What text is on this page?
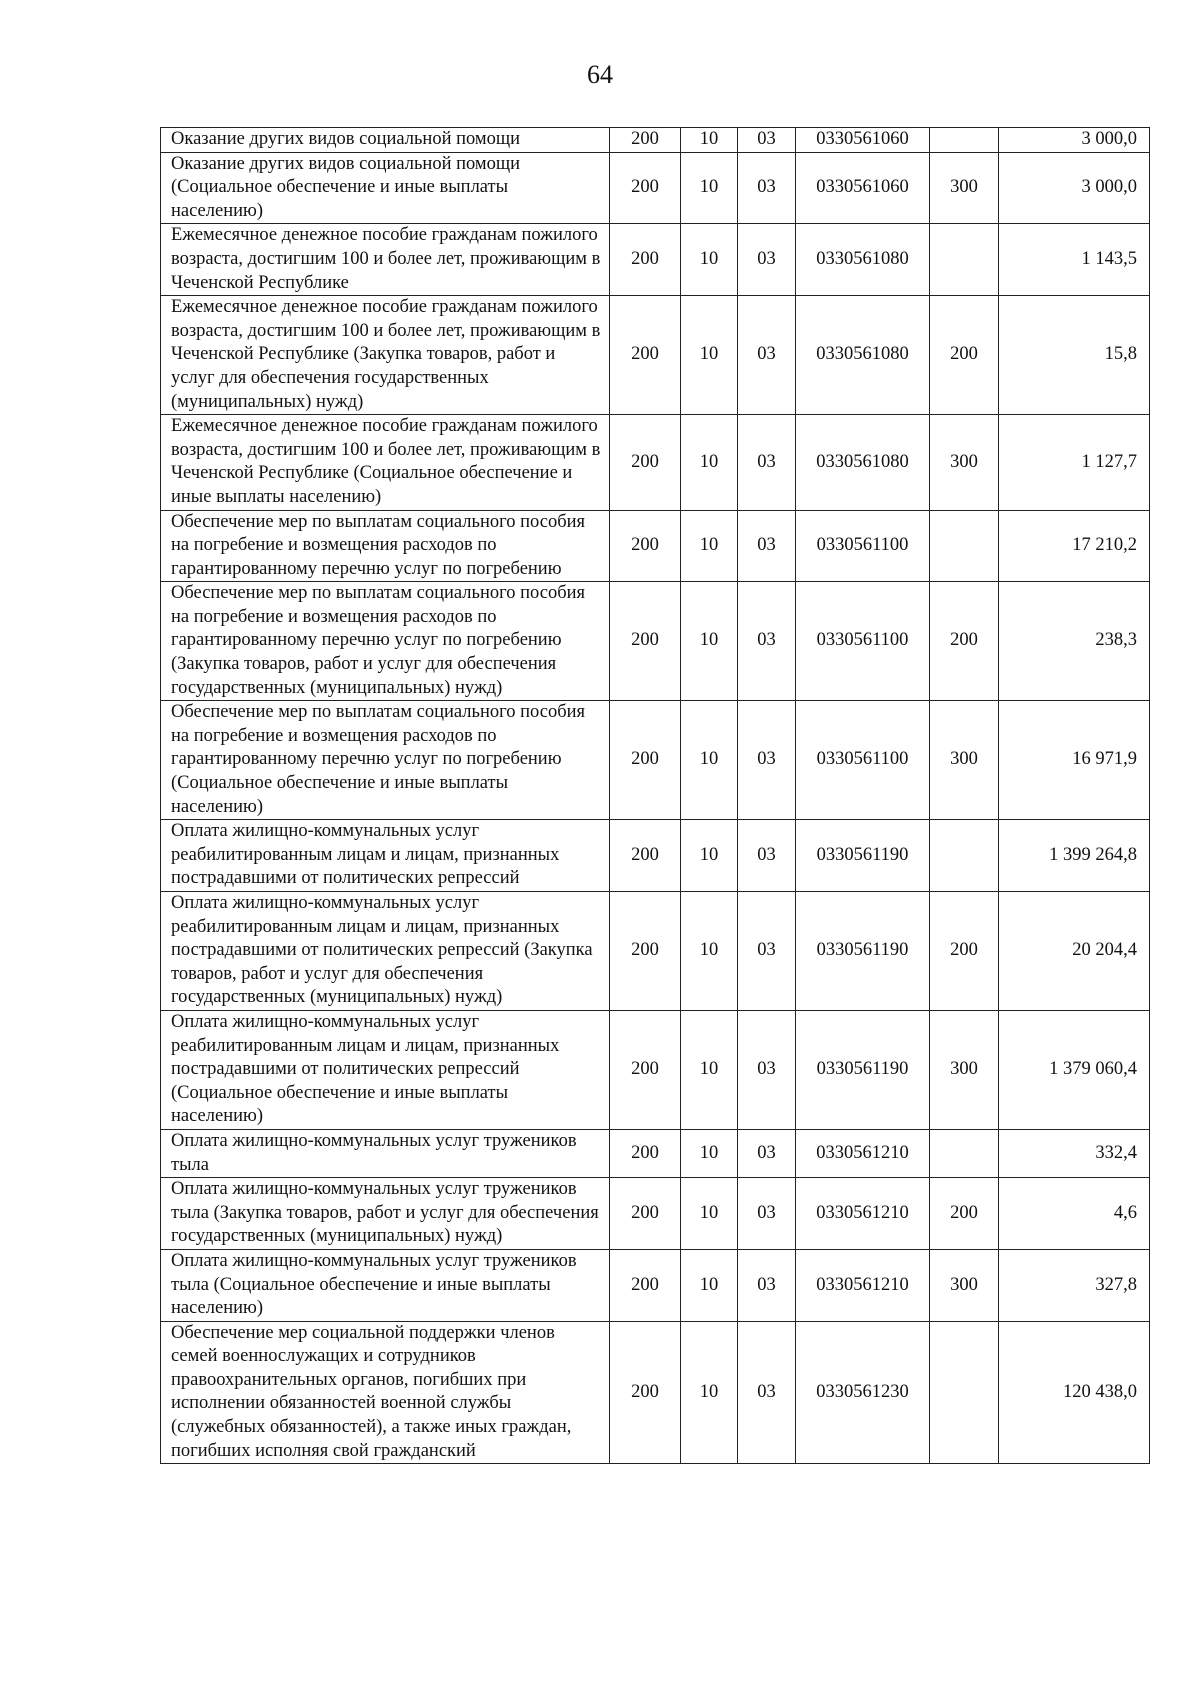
64
Оказание других видов социальной помощи	200	10	03	0330561060		3 000,0
Оказание других видов социальной помощи (Социальное обеспечение и иные выплаты населению)	200	10	03	0330561060	300	3 000,0
Ежемесячное денежное пособие гражданам пожилого возраста, достигшим 100 и более лет, проживающим в Чеченской Республике	200	10	03	0330561080		1 143,5
Ежемесячное денежное пособие гражданам пожилого возраста, достигшим 100 и более лет, проживающим в Чеченской Республике (Закупка товаров, работ и услуг для обеспечения государственных (муниципальных) нужд)	200	10	03	0330561080	200	15,8
Ежемесячное денежное пособие гражданам пожилого возраста, достигшим 100 и более лет, проживающим в Чеченской Республике (Социальное обеспечение и иные выплаты населению)	200	10	03	0330561080	300	1 127,7
Обеспечение мер по выплатам социального пособия на погребение и возмещения расходов по гарантированному перечню услуг по погребению	200	10	03	0330561100		17 210,2
Обеспечение мер по выплатам социального пособия на погребение и возмещения расходов по гарантированному перечню услуг по погребению (Закупка товаров, работ и услуг для обеспечения государственных (муниципальных) нужд)	200	10	03	0330561100	200	238,3
Обеспечение мер по выплатам социального пособия на погребение и возмещения расходов по гарантированному перечню услуг по погребению (Социальное обеспечение и иные выплаты населению)	200	10	03	0330561100	300	16 971,9
Оплата жилищно-коммунальных услуг реабилитированным лицам и лицам, признанных пострадавшими от политических репрессий	200	10	03	0330561190		1 399 264,8
Оплата жилищно-коммунальных услуг реабилитированным лицам и лицам, признанных пострадавшими от политических репрессий (Закупка товаров, работ и услуг для обеспечения государственных (муниципальных) нужд)	200	10	03	0330561190	200	20 204,4
Оплата жилищно-коммунальных услуг реабилитированным лицам и лицам, признанных пострадавшими от политических репрессий (Социальное обеспечение и иные выплаты населению)	200	10	03	0330561190	300	1 379 060,4
Оплата жилищно-коммунальных услуг тружеников тыла	200	10	03	0330561210		332,4
Оплата жилищно-коммунальных услуг тружеников тыла (Закупка товаров, работ и услуг для обеспечения государственных (муниципальных) нужд)	200	10	03	0330561210	200	4,6
Оплата жилищно-коммунальных услуг тружеников тыла (Социальное обеспечение и иные выплаты населению)	200	10	03	0330561210	300	327,8
Обеспечение мер социальной поддержки членов семей военнослужащих и сотрудников правоохранительных органов, погибших при исполнении обязанностей военной службы (служебных обязанностей), а также иных граждан, погибших исполняя свой гражданский	200	10	03	0330561230		120 438,0
